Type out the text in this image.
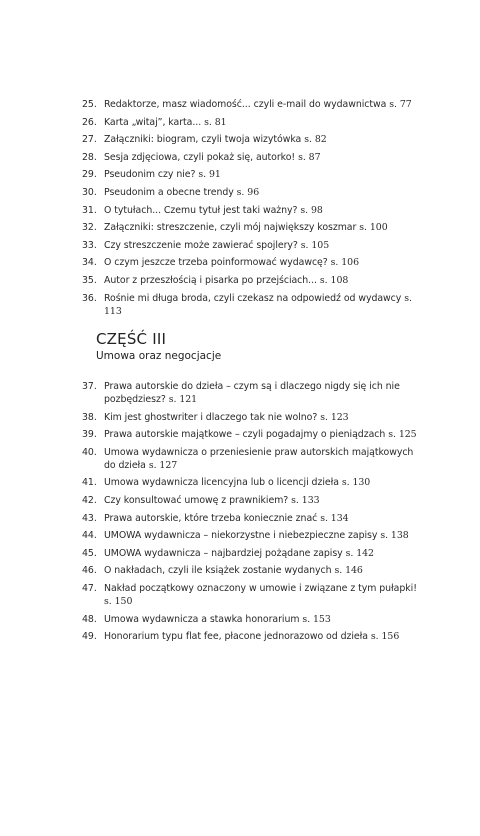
25. Redaktorze, masz wiadomość... czyli e-mail do wydawnictwa s. 77
26. Karta „witaj”, karta... s. 81
27. Załączniki: biogram, czyli twoja wizytówka s. 82
28. Sesja zdjęciowa, czyli pokaż się, autorko! s. 87
29. Pseudonim czy nie? s. 91
30. Pseudonim a obecne trendy s. 96
31. O tytułach... Czemu tytuł jest taki ważny? s. 98
32. Załączniki: streszczenie, czyli mój największy koszmar s. 100
33. Czy streszczenie może zawierać spojlery? s. 105
34. O czym jeszcze trzeba poinformować wydawcę? s. 106
35. Autor z przeszłością i pisarka po przejściach... s. 108
36. Rośnie mi długa broda, czyli czekasz na odpowiedź od wydawcy s. 113
CZĘŚĆ III
Umowa oraz negocjacje
37. Prawa autorskie do dzieła – czym są i dlaczego nigdy się ich nie pozbędziesz? s. 121
38. Kim jest ghostwriter i dlaczego tak nie wolno? s. 123
39. Prawa autorskie majątkowe – czyli pogadajmy o pieniądzach s. 125
40. Umowa wydawnicza o przeniesienie praw autorskich majątkowych do dzieła s. 127
41. Umowa wydawnicza licencyjna lub o licencji dzieła s. 130
42. Czy konsultować umowę z prawnikiem? s. 133
43. Prawa autorskie, które trzeba koniecznie znać s. 134
44. UMOWA wydawnicza – niekorzystne i niebezpieczne zapisy s. 138
45. UMOWA wydawnicza – najbardziej pożądane zapisy s. 142
46. O nakładach, czyli ile książek zostanie wydanych s. 146
47. Nakład początkowy oznaczony w umowie i związane z tym pułapki! s. 150
48. Umowa wydawnicza a stawka honorarium s. 153
49. Honorarium typu flat fee, płacone jednorazowo od dzieła s. 156
